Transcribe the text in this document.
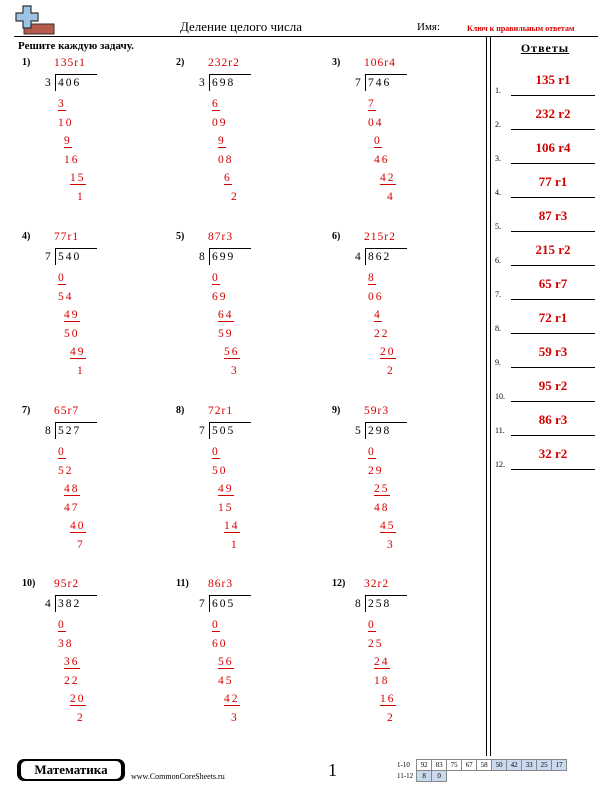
Деление целого числа	Имя:	Ключ к правильным ответам
Решите каждую задачу.	Ответы
1.
135 r1
2.
232 r2
3.
106 r4
4.
77 r1
5.
87 r3
6.
215 r2
7.
65 r7
8.
72 r1
9.
59 r3
10.
95 r2
11.
86 r3
12.
32 r2
1) 135r1
3 406
3
10
9
16
15
1
2) 232r2
3 698
6
09
9
08
6
2
3) 106r4
7 746
7
04
0
46
42
4
4) 77r1
7 540
0
54
49
50
49
1
5) 87r3
8 699
0
69
64
59
56
3
6) 215r2
4 862
8
06
4
22
20
2
7) 65r7
8 527
0
52
48
47
40
7
8) 72r1
7 505
0
50
49
15
14
1
9) 59r3
5 298
0
29
25
48
45
3
10) 95r2
4 382
0
38
36
22
20
2
11) 86r3
7 605
0
60
56
45
42
3
12) 32r2
8 258
0
25
24
18
16
2
Математика	www.CommonCoreSheets.ru	1	1-10	92	83	75	67	58	50	42	33	25	17
11-12	8	0								
